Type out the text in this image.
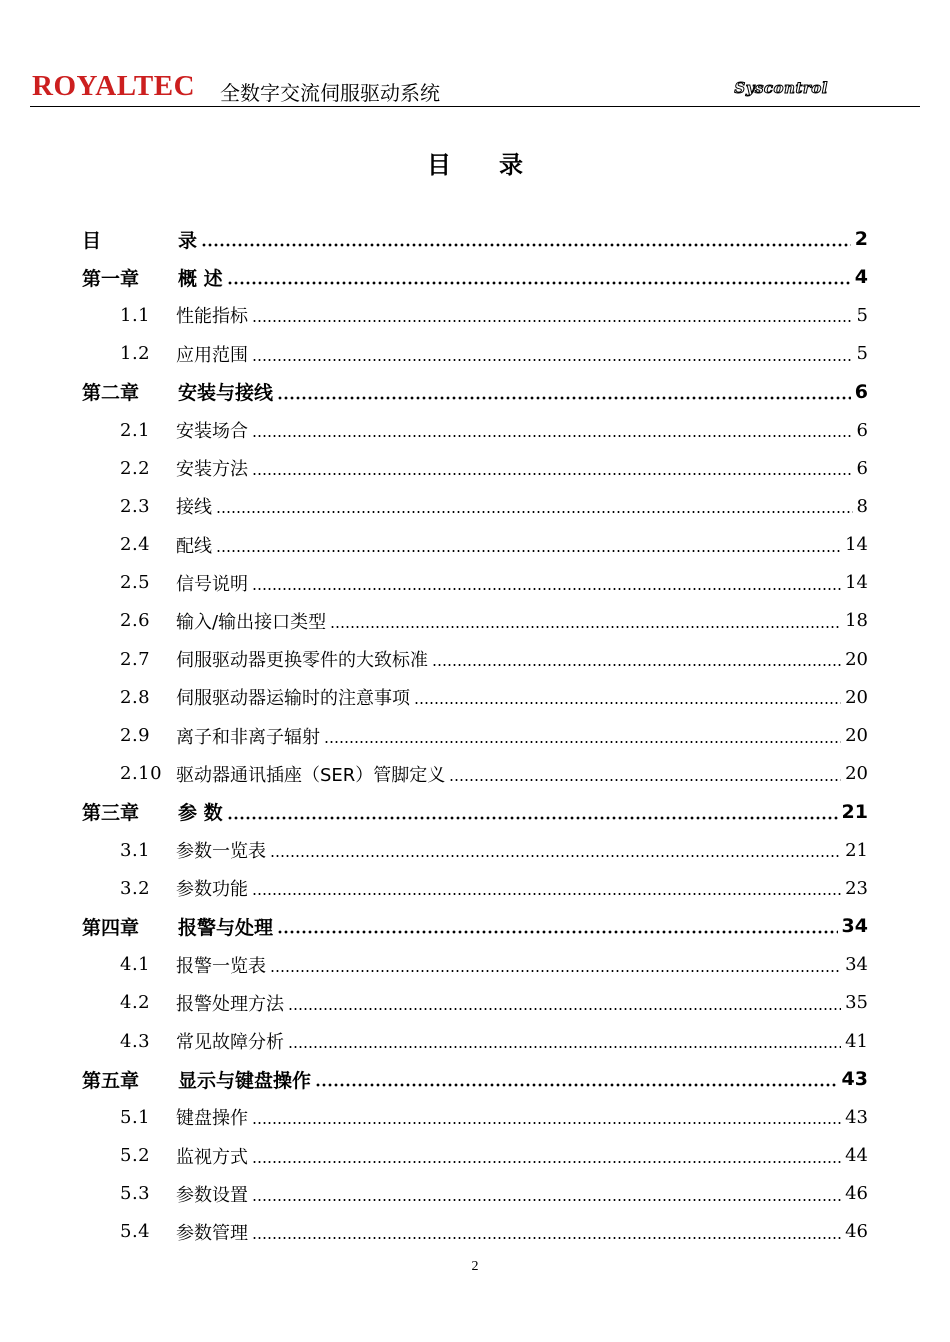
ROYALTEC 全数字交流伺服驱动系统	Syscontrol
目　　录
目	录	2
第一章	概 述	4
1.1	性能指标	5
1.2	应用范围	5
第二章	安装与接线	6
2.1	安装场合	6
2.2	安装方法	6
2.3	接线	8
2.4	配线	14
2.5	信号说明	14
2.6	输入/输出接口类型	18
2.7	伺服驱动器更换零件的大致标准	20
2.8	伺服驱动器运输时的注意事项	20
2.9	离子和非离子辐射	20
2.10 驱动器通讯插座（SER）管脚定义	20
第三章	参 数	21
3.1	参数一览表	21
3.2	参数功能	23
第四章	报警与处理	34
4.1	报警一览表	34
4.2	报警处理方法	35
4.3	常见故障分析	41
第五章	显示与键盘操作	43
5.1	键盘操作	43
5.2	监视方式	44
5.3	参数设置	46
5.4	参数管理	46
2
